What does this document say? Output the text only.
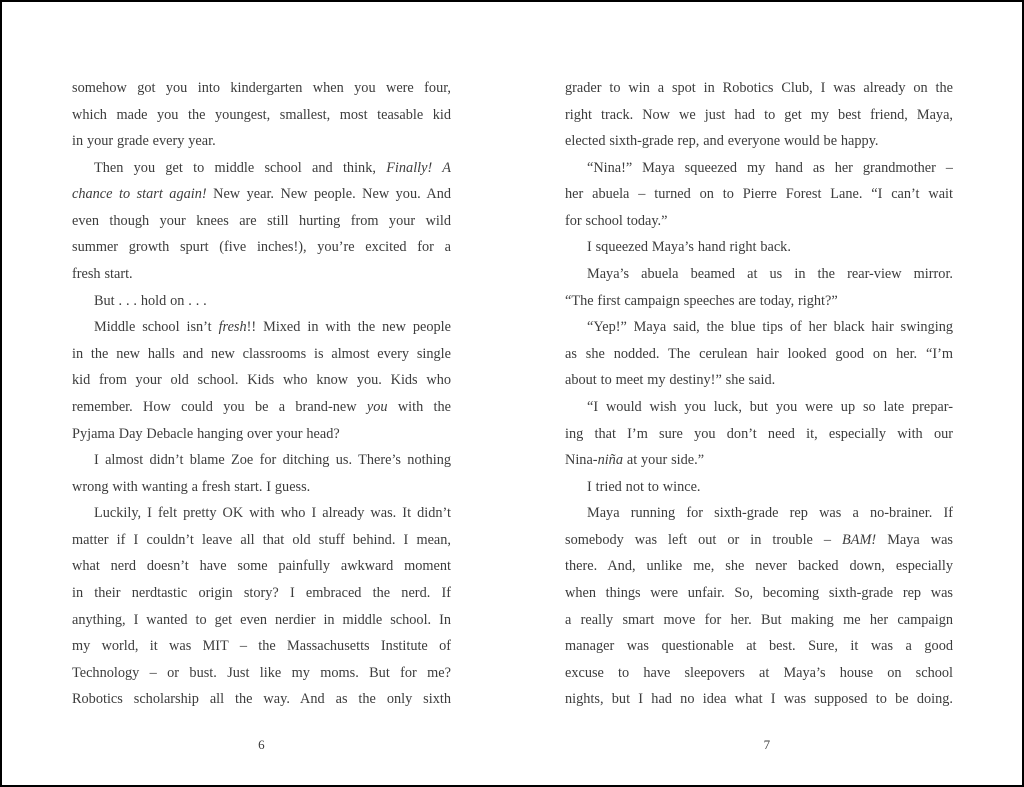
somehow got you into kindergarten when you were four,
which made you the youngest, smallest, most teasable kid
in your grade every year.
Then you get to middle school and think, Finally! A
chance to start again! New year. New people. New you. And
even though your knees are still hurting from your wild
summer growth spurt (five inches!), you’re excited for a
fresh start.
But . . . hold on . . .
Middle school isn’t fresh!! Mixed in with the new people
in the new halls and new classrooms is almost every single
kid from your old school. Kids who know you. Kids who
remember. How could you be a brand-new you with the
Pyjama Day Debacle hanging over your head?
I almost didn’t blame Zoe for ditching us. There’s nothing
wrong with wanting a fresh start. I guess.
Luckily, I felt pretty OK with who I already was. It didn’t
matter if I couldn’t leave all that old stuff behind. I mean,
what nerd doesn’t have some painfully awkward moment
in their nerdtastic origin story? I embraced the nerd. If
anything, I wanted to get even nerdier in middle school. In
my world, it was MIT – the Massachusetts Institute of
Technology – or bust. Just like my moms. But for me?
Robotics scholarship all the way. And as the only sixth
6
grader to win a spot in Robotics Club, I was already on the
right track. Now we just had to get my best friend, Maya,
elected sixth-grade rep, and everyone would be happy.
“Nina!” Maya squeezed my hand as her grandmother –
her abuela – turned on to Pierre Forest Lane. “I can’t wait
for school today.”
I squeezed Maya’s hand right back.
Maya’s abuela beamed at us in the rear-view mirror.
“The first campaign speeches are today, right?”
“Yep!” Maya said, the blue tips of her black hair swinging
as she nodded. The cerulean hair looked good on her. “I’m
about to meet my destiny!” she said.
“I would wish you luck, but you were up so late prepar-
ing that I’m sure you don’t need it, especially with our
Nina-niña at your side.”
I tried not to wince.
Maya running for sixth-grade rep was a no-brainer. If
somebody was left out or in trouble – BAM! Maya was
there. And, unlike me, she never backed down, especially
when things were unfair. So, becoming sixth-grade rep was
a really smart move for her. But making me her campaign
manager was questionable at best. Sure, it was a good
excuse to have sleepovers at Maya’s house on school
nights, but I had no idea what I was supposed to be doing.
7
